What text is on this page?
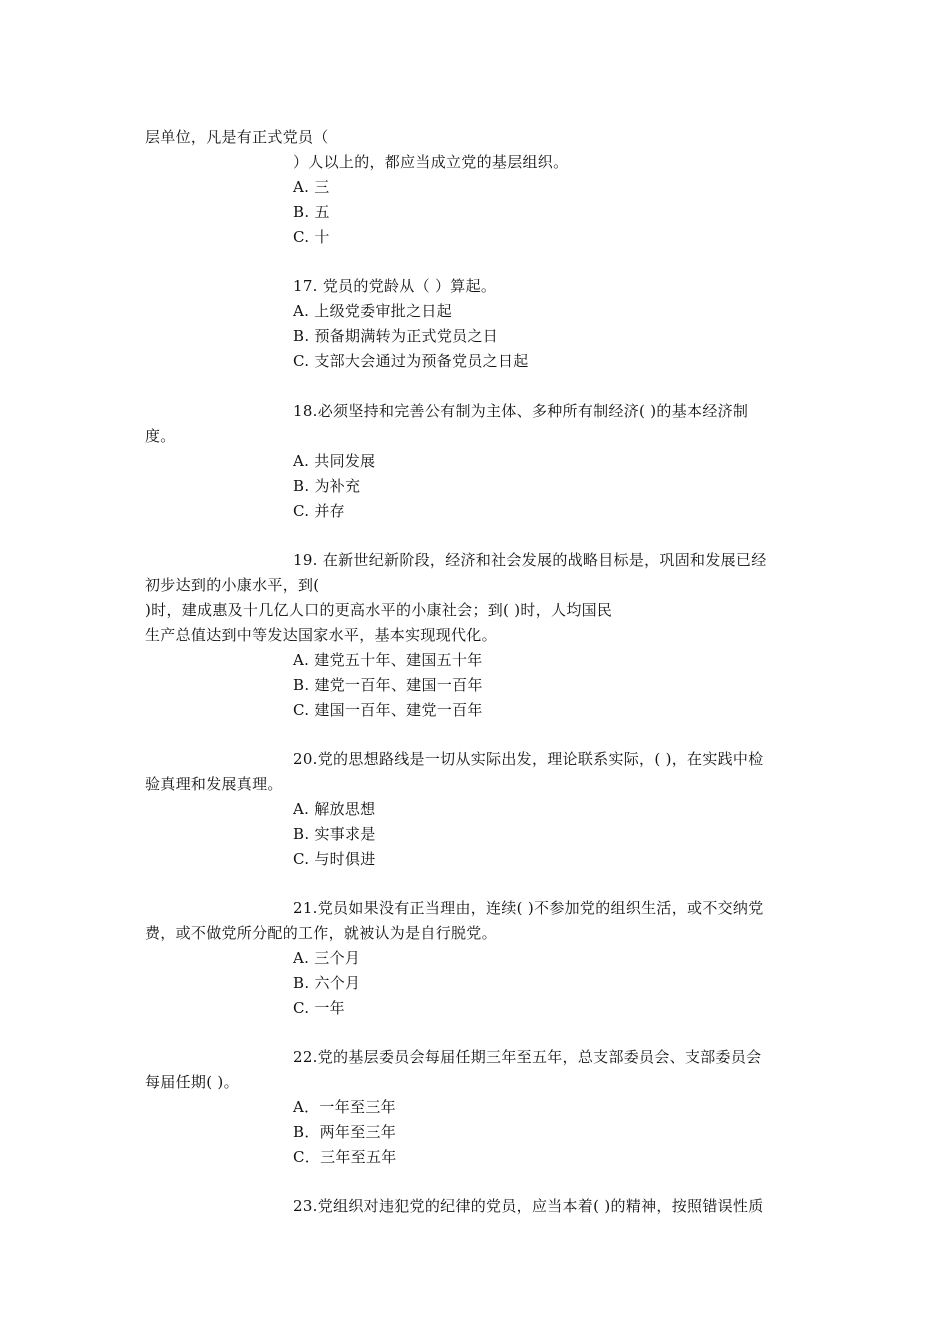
层单位，凡是有正式党员（
）人以上的，都应当成立党的基层组织。
A. 三
B. 五
C. 十
17. 党员的党龄从（ ）算起。
A. 上级党委审批之日起
B. 预备期满转为正式党员之日
C. 支部大会通过为预备党员之日起
18.必须坚持和完善公有制为主体、多种所有制经济( )的基本经济制
度。
A. 共同发展
B. 为补充
C. 并存
19. 在新世纪新阶段，经济和社会发展的战略目标是，巩固和发展已经
初步达到的小康水平，到(
)时，建成惠及十几亿人口的更高水平的小康社会；到( )时，人均国民
生产总值达到中等发达国家水平，基本实现现代化。
A. 建党五十年、建国五十年
B. 建党一百年、建国一百年
C. 建国一百年、建党一百年
20.党的思想路线是一切从实际出发，理论联系实际，( )，在实践中检
验真理和发展真理。
A. 解放思想
B. 实事求是
C. 与时俱进
21.党员如果没有正当理由，连续( )不参加党的组织生活，或不交纳党
费，或不做党所分配的工作，就被认为是自行脱党。
A. 三个月
B. 六个月
C. 一年
22.党的基层委员会每届任期三年至五年，总支部委员会、支部委员会
每届任期( )。
A．一年至三年
B．两年至三年
C．三年至五年
23.党组织对违犯党的纪律的党员，应当本着( )的精神，按照错误性质
